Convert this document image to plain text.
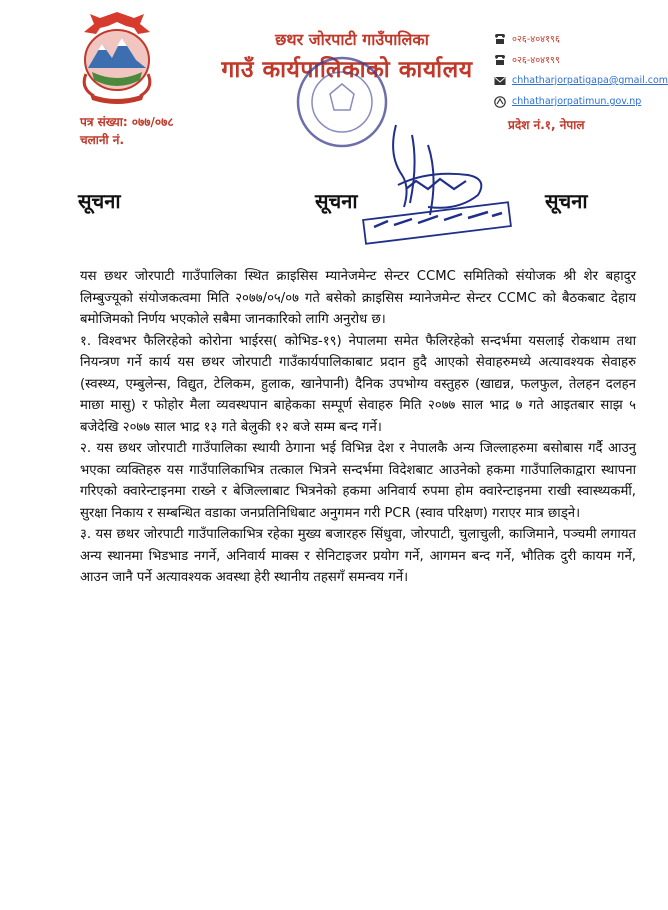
छथर जोरपाटी गाउँपालिका
गाउँ कार्यपालिकाको कार्यालय
०२६-४०४१९६
०२६-४०४१९९
chhatharjorpatigapa@gmail.com
chhatharjorpatimun.gov.np
पत्र संख्या: ०७७/०७८
चलानी नं.
प्रदेश नं.१, नेपाल
सूचना	सूचना	सूचना

यस छथर जोरपाटी गाउँपालिका स्थित क्राइसिस म्यानेजमेन्ट सेन्टर CCMC समितिको संयोजक श्री शेर बहादुर लिम्बुज्यूको संयोजकत्वमा मिति २०७७/०५/०७ गते बसेको क्राइसिस म्यानेजमेन्ट सेन्टर CCMC को बैठकबाट देहाय बमोजिमको निर्णय भएकोले सबैमा जानकारिको लागि अनुरोध छ।

१. विश्वभर फैलिरहेको कोरोना भाईरस( कोभिड-१९) नेपालमा समेत फैलिरहेको सन्दर्भमा यसलाई रोकथाम तथा नियन्त्रण गर्ने कार्य यस छथर जोरपाटी गाउँकार्यपालिकाबाट प्रदान हुदै आएको सेवाहरुमध्ये अत्यावश्यक सेवाहरु (स्वस्थ्य, एम्बुलेन्स, विद्युत, टेलिकम, हुलाक, खानेपानी) दैनिक उपभोग्य वस्तुहरु (खाद्यन्न, फलफुल, तेलहन दलहन माछा मासु) र फोहोर मैला व्यवस्थपान बाहेकका सम्पूर्ण सेवाहरु मिति २०७७ साल भाद्र ७ गते आइतबार साझ ५ बजेदेखि २०७७ साल भाद्र १३ गते बेलुकी १२ बजे सम्म बन्द गर्ने।

२. यस छथर जोरपाटी गाउँपालिका स्थायी ठेगाना भई विभिन्न देश र नेपालकै अन्य जिल्लाहरुमा बसोबास गर्दै आउनु भएका व्यक्तिहरु यस गाउँपालिकाभित्र तत्काल भित्रने सन्दर्भमा विदेशबाट आउनेको हकमा गाउँपालिकाद्वारा स्थापना गरिएको क्वारेन्टाइनमा राख्ने र बेजिल्लाबाट भित्रनेको हकमा अनिवार्य रुपमा होम क्वारेन्टाइनमा राखी स्वास्थ्यकर्मी, सुरक्षा निकाय र सम्बन्धित वडाका जनप्रतिनिधिबाट अनुगमन गरी PCR (स्वाव परिक्षण) गराएर मात्र छाड्ने।

३. यस छथर जोरपाटी गाउँपालिकाभित्र रहेका मुख्य बजारहरु सिंधुवा, जोरपाटी, चुलाचुली, काजिमाने, पञ्चमी लगायत अन्य स्थानमा भिडभाड नगर्ने, अनिवार्य माक्स र सेनिटाइजर प्रयोग गर्ने, आगमन बन्द गर्ने, भौतिक दुरी कायम गर्ने, आउन जानै पर्ने अत्यावश्यक अवस्था हेरी स्थानीय तहसगँ समन्वय गर्ने।
